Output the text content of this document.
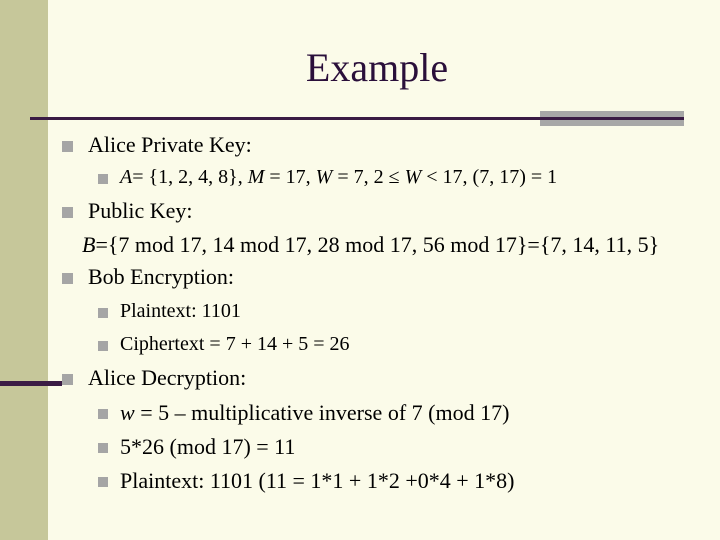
Example
Alice Private Key:
A= {1, 2, 4, 8}, M = 17, W = 7, 2 ≤ W < 17, (7, 17) = 1
Public Key:
B={7 mod 17, 14 mod 17, 28 mod 17, 56 mod 17}={7, 14, 11, 5}
Bob Encryption:
Plaintext: 1101
Ciphertext = 7 + 14 + 5 = 26
Alice Decryption:
w = 5 – multiplicative inverse of 7 (mod 17)
5*26 (mod 17) = 11
Plaintext: 1101 (11 = 1*1 + 1*2 +0*4 + 1*8)
